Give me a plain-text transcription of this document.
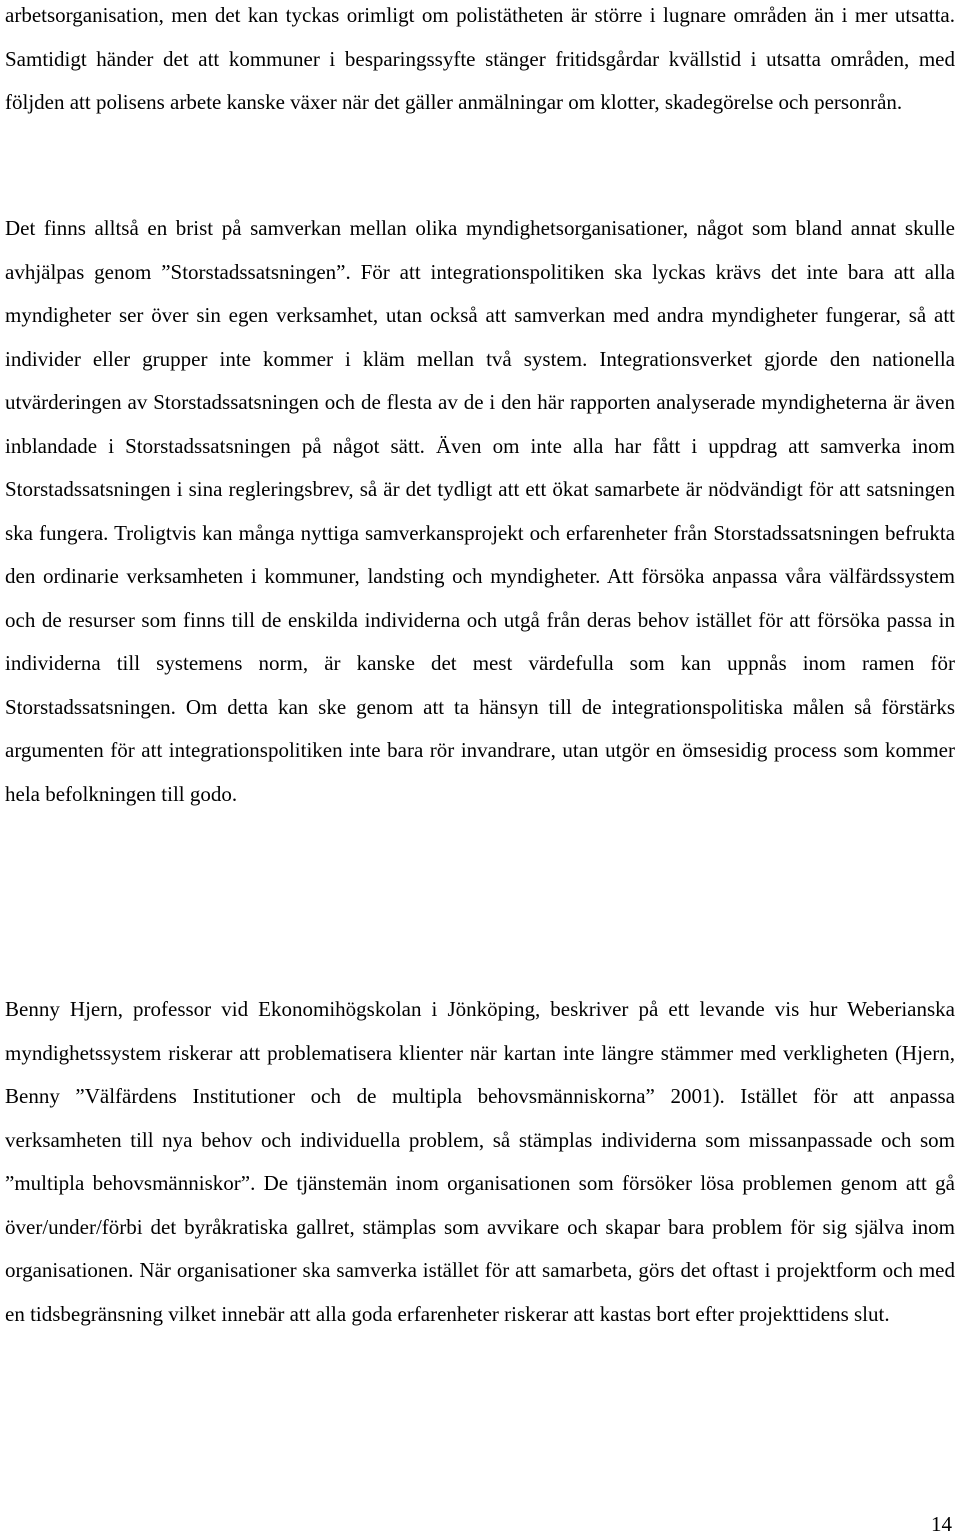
arbetsorganisation, men det kan tyckas orimligt om polistätheten är större i lugnare områden än i mer utsatta. Samtidigt händer det att kommuner i besparingssyfte stänger fritidsgårdar kvällstid i utsatta områden, med följden att polisens arbete kanske växer när det gäller anmälningar om klotter, skadegörelse och personrån.

Det finns alltså en brist på samverkan mellan olika myndighetsorganisationer, något som bland annat skulle avhjälpas genom ”Storstadssatsningen”. För att integrationspolitiken ska lyckas krävs det inte bara att alla myndigheter ser över sin egen verksamhet, utan också att samverkan med andra myndigheter fungerar, så att individer eller grupper inte kommer i kläm mellan två system. Integrationsverket gjorde den nationella utvärderingen av Storstadssatsningen och de flesta av de i den här rapporten analyserade myndigheterna är även inblandade i Storstadssatsningen på något sätt. Även om inte alla har fått i uppdrag att samverka inom Storstadssatsningen i sina regleringsbrev, så är det tydligt att ett ökat samarbete är nödvändigt för att satsningen ska fungera. Troligtvis kan många nyttiga samverkansprojekt och erfarenheter från Storstadssatsningen befrukta den ordinarie verksamheten i kommuner, landsting och myndigheter. Att försöka anpassa våra välfärdssystem och de resurser som finns till de enskilda individerna och utgå från deras behov istället för att försöka passa in individerna till systemens norm, är kanske det mest värdefulla som kan uppnås inom ramen för Storstadssatsningen. Om detta kan ske genom att ta hänsyn till de integrationspolitiska målen så förstärks argumenten för att integrationspolitiken inte bara rör invandrare, utan utgör en ömsesidig process som kommer hela befolkningen till godo.

Benny Hjern, professor vid Ekonomihögskolan i Jönköping, beskriver på ett levande vis hur Weberianska myndighetssystem riskerar att problematisera klienter när kartan inte längre stämmer med verkligheten (Hjern, Benny ”Välfärdens Institutioner och de multipla behovsmänniskorna” 2001). Istället för att anpassa verksamheten till nya behov och individuella problem, så stämplas individerna som missanpassade och som ”multipla behovsmänniskor”. De tjänstemän inom organisationen som försöker lösa problemen genom att gå över/under/förbi det byråkratiska gallret, stämplas som avvikare och skapar bara problem för sig själva inom organisationen. När organisationer ska samverka istället för att samarbeta, görs det oftast i projektform och med en tidsbegränsning vilket innebär att alla goda erfarenheter riskerar att kastas bort efter projekttidens slut.

14
